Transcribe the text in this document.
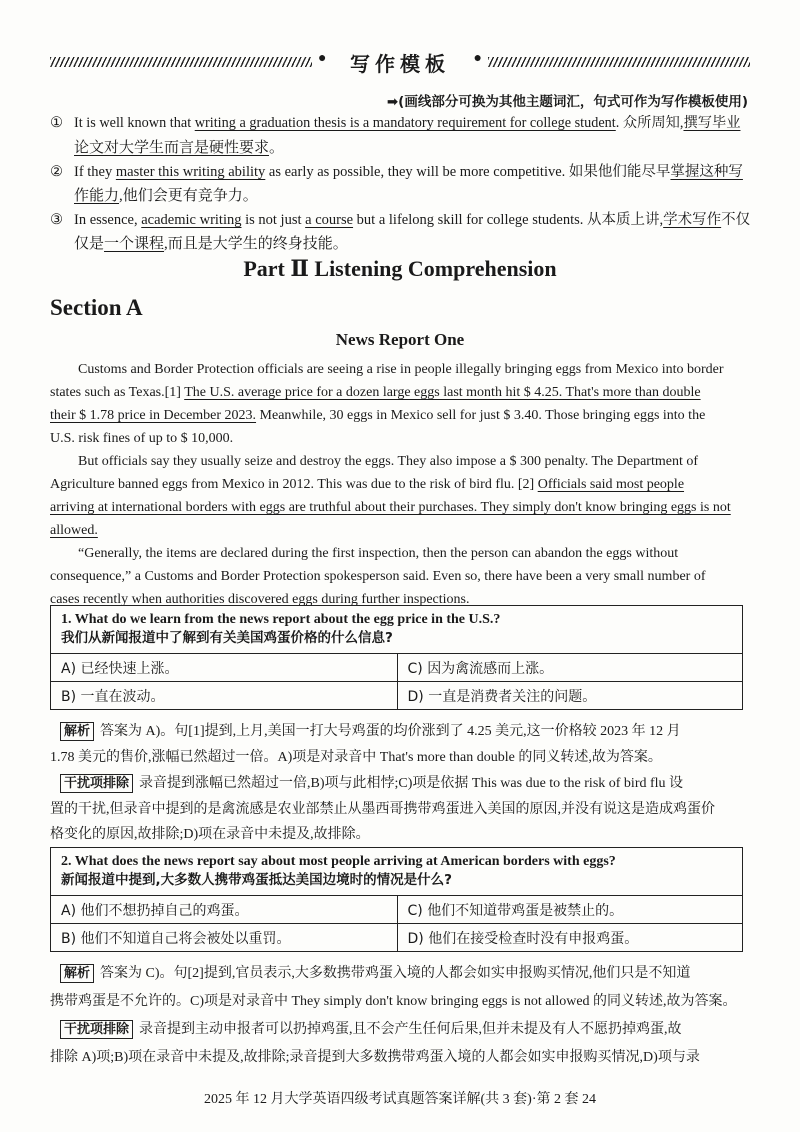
●	写作模板	●
➡(画线部分可换为其他主题词汇，句式可作为写作模板使用)
① It is well known that writing a graduation thesis is a mandatory requirement for college student. 众所周知,撰写毕业
论文对大学生而言是硬性要求。
② If they master this writing ability as early as possible, they will be more competitive. 如果他们能尽早掌握这种写
作能力,他们会更有竞争力。
③ In essence, academic writing is not just a course but a lifelong skill for college students. 从本质上讲,学术写作不仅
仅是一个课程,而且是大学生的终身技能。
Part Ⅱ Listening Comprehension
Section A
News Report One
Customs and Border Protection officials are seeing a rise in people illegally bringing eggs from Mexico into border
states such as Texas.[1] The U.S. average price for a dozen large eggs last month hit $ 4.25. That's more than double
their $ 1.78 price in December 2023. Meanwhile, 30 eggs in Mexico sell for just $ 3.40. Those bringing eggs into the
U.S. risk fines of up to $ 10,000.
But officials say they usually seize and destroy the eggs. They also impose a $ 300 penalty. The Department of
Agriculture banned eggs from Mexico in 2012. This was due to the risk of bird flu. [2] Officials said most people
arriving at international borders with eggs are truthful about their purchases. They simply don't know bringing eggs is not
allowed.
“Generally, the items are declared during the first inspection, then the person can abandon the eggs without
consequence,” a Customs and Border Protection spokesperson said. Even so, there have been a very small number of
cases recently when authorities discovered eggs during further inspections.
1. What do we learn from the news report about the egg price in the U.S.?
我们从新闻报道中了解到有关美国鸡蛋价格的什么信息?
A) 已经快速上涨。	C) 因为禽流感而上涨。
B) 一直在波动。	D) 一直是消费者关注的问题。
解析 答案为 A)。句[1]提到,上月,美国一打大号鸡蛋的均价涨到了 4.25 美元,这一价格较 2023 年 12 月
1.78 美元的售价,涨幅已然超过一倍。A)项是对录音中 That's more than double 的同义转述,故为答案。
干扰项排除 录音提到涨幅已然超过一倍,B)项与此相悖;C)项是依据 This was due to the risk of bird flu 设
置的干扰,但录音中提到的是禽流感是农业部禁止从墨西哥携带鸡蛋进入美国的原因,并没有说这是造成鸡蛋价
格变化的原因,故排除;D)项在录音中未提及,故排除。
2. What does the news report say about most people arriving at American borders with eggs?
新闻报道中提到,大多数人携带鸡蛋抵达美国边境时的情况是什么?
A) 他们不想扔掉自己的鸡蛋。	C) 他们不知道带鸡蛋是被禁止的。
B) 他们不知道自己将会被处以重罚。	D) 他们在接受检查时没有申报鸡蛋。
解析 答案为 C)。句[2]提到,官员表示,大多数携带鸡蛋入境的人都会如实申报购买情况,他们只是不知道
携带鸡蛋是不允许的。C)项是对录音中 They simply don't know bringing eggs is not allowed 的同义转述,故为答案。
干扰项排除 录音提到主动申报者可以扔掉鸡蛋,且不会产生任何后果,但并未提及有人不愿扔掉鸡蛋,故
排除 A)项;B)项在录音中未提及,故排除;录音提到大多数携带鸡蛋入境的人都会如实申报购买情况,D)项与录
2025 年 12 月大学英语四级考试真题答案详解(共 3 套)·第 2 套 24
